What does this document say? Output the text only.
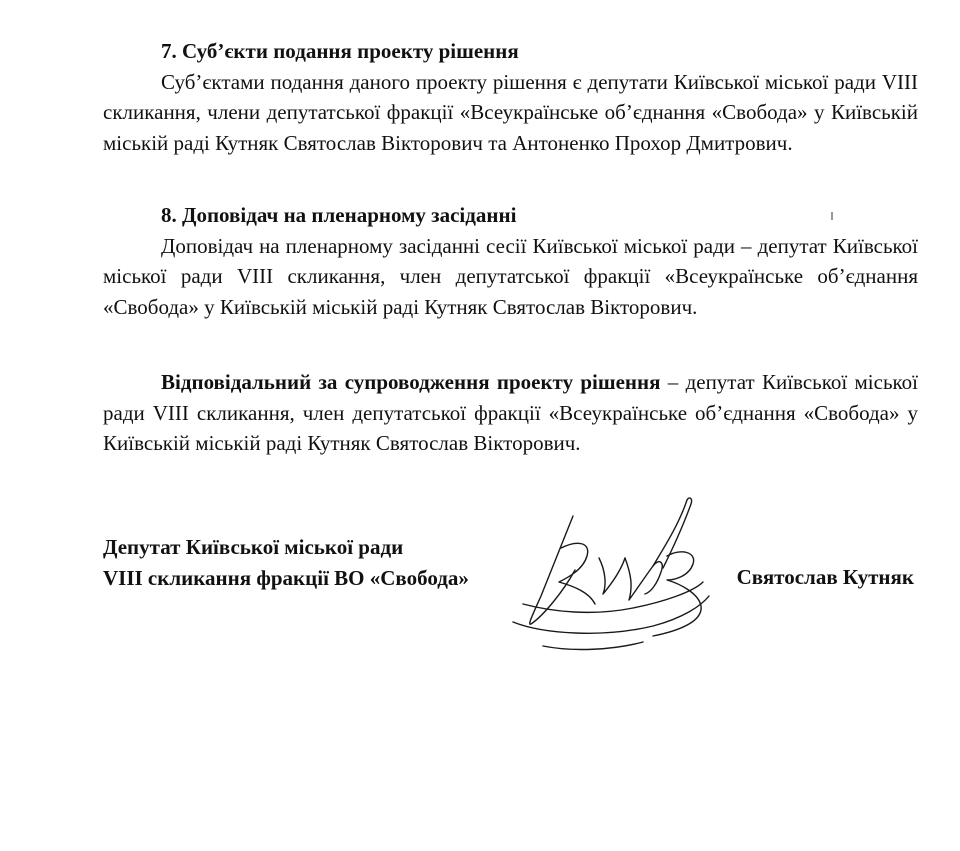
7. Суб’єкти подання проекту рішення

Суб’єктами подання даного проекту рішення є депутати Київської міської ради VIII скликання, члени депутатської фракції «Всеукраїнське об’єднання «Свобода» у Київській міській раді Кутняк Святослав Вікторович та Антоненко Прохор Дмитрович.

8. Доповідач на пленарному засіданні

Доповідач на пленарному засіданні сесії Київської міської ради – депутат Київської міської ради VIII скликання, член депутатської фракції «Всеукраїнське об’єднання «Свобода» у Київській міській раді Кутняк Святослав Вікторович.

Відповідальний за супроводження проекту рішення – депутат Київської міської ради VIII скликання, член депутатської фракції «Всеукраїнське об’єднання «Свобода» у Київській міській раді Кутняк Святослав Вікторович.

Депутат Київської міської ради

VIII скликання фракції ВО «Свобода»	Святослав Кутняк
